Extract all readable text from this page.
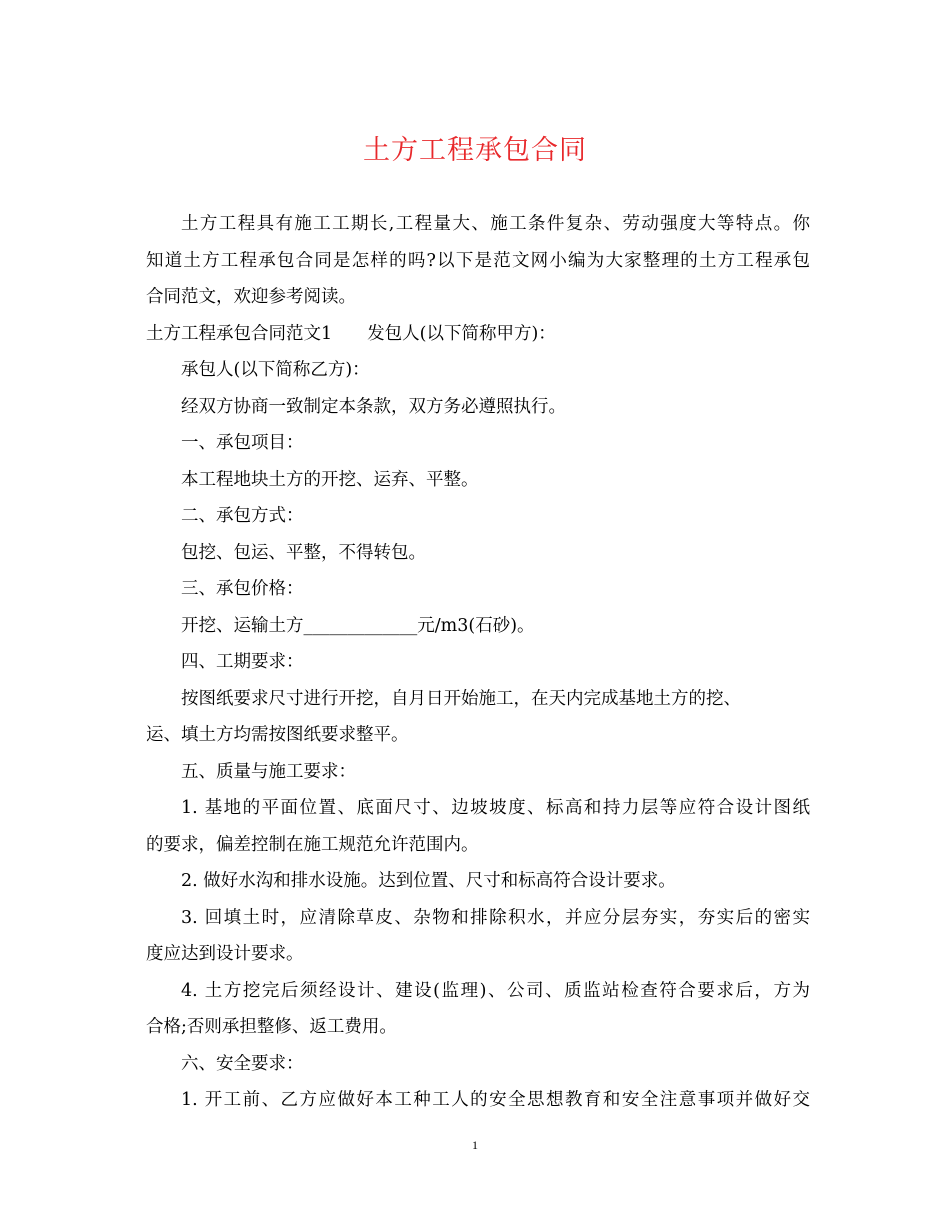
土方工程承包合同
土方工程具有施工工期长,工程量大、施工条件复杂、劳动强度大等特点。你
知道土方工程承包合同是怎样的吗?以下是范文网小编为大家整理的土方工程承包
合同范文，欢迎参考阅读。
土方工程承包合同范文1　　发包人(以下简称甲方)：
承包人(以下简称乙方)：
经双方协商一致制定本条款，双方务必遵照执行。
一、承包项目：
本工程地块土方的开挖、运弃、平整。
二、承包方式：
包挖、包运、平整，不得转包。
三、承包价格：
开挖、运输土方_____________元/m3(石砂)。
四、工期要求：
按图纸要求尺寸进行开挖，自月日开始施工，在天内完成基地土方的挖、
运、填土方均需按图纸要求整平。
五、质量与施工要求：
1. 基地的平面位置、底面尺寸、边坡坡度、标高和持力层等应符合设计图纸
的要求，偏差控制在施工规范允许范围内。
2. 做好水沟和排水设施。达到位置、尺寸和标高符合设计要求。
3. 回填土时，应清除草皮、杂物和排除积水，并应分层夯实，夯实后的密实
度应达到设计要求。
4. 土方挖完后须经设计、建设(监理)、公司、质监站检查符合要求后，方为
合格;否则承担整修、返工费用。
六、安全要求：
1. 开工前、乙方应做好本工种工人的安全思想教育和安全注意事项并做好交
1
